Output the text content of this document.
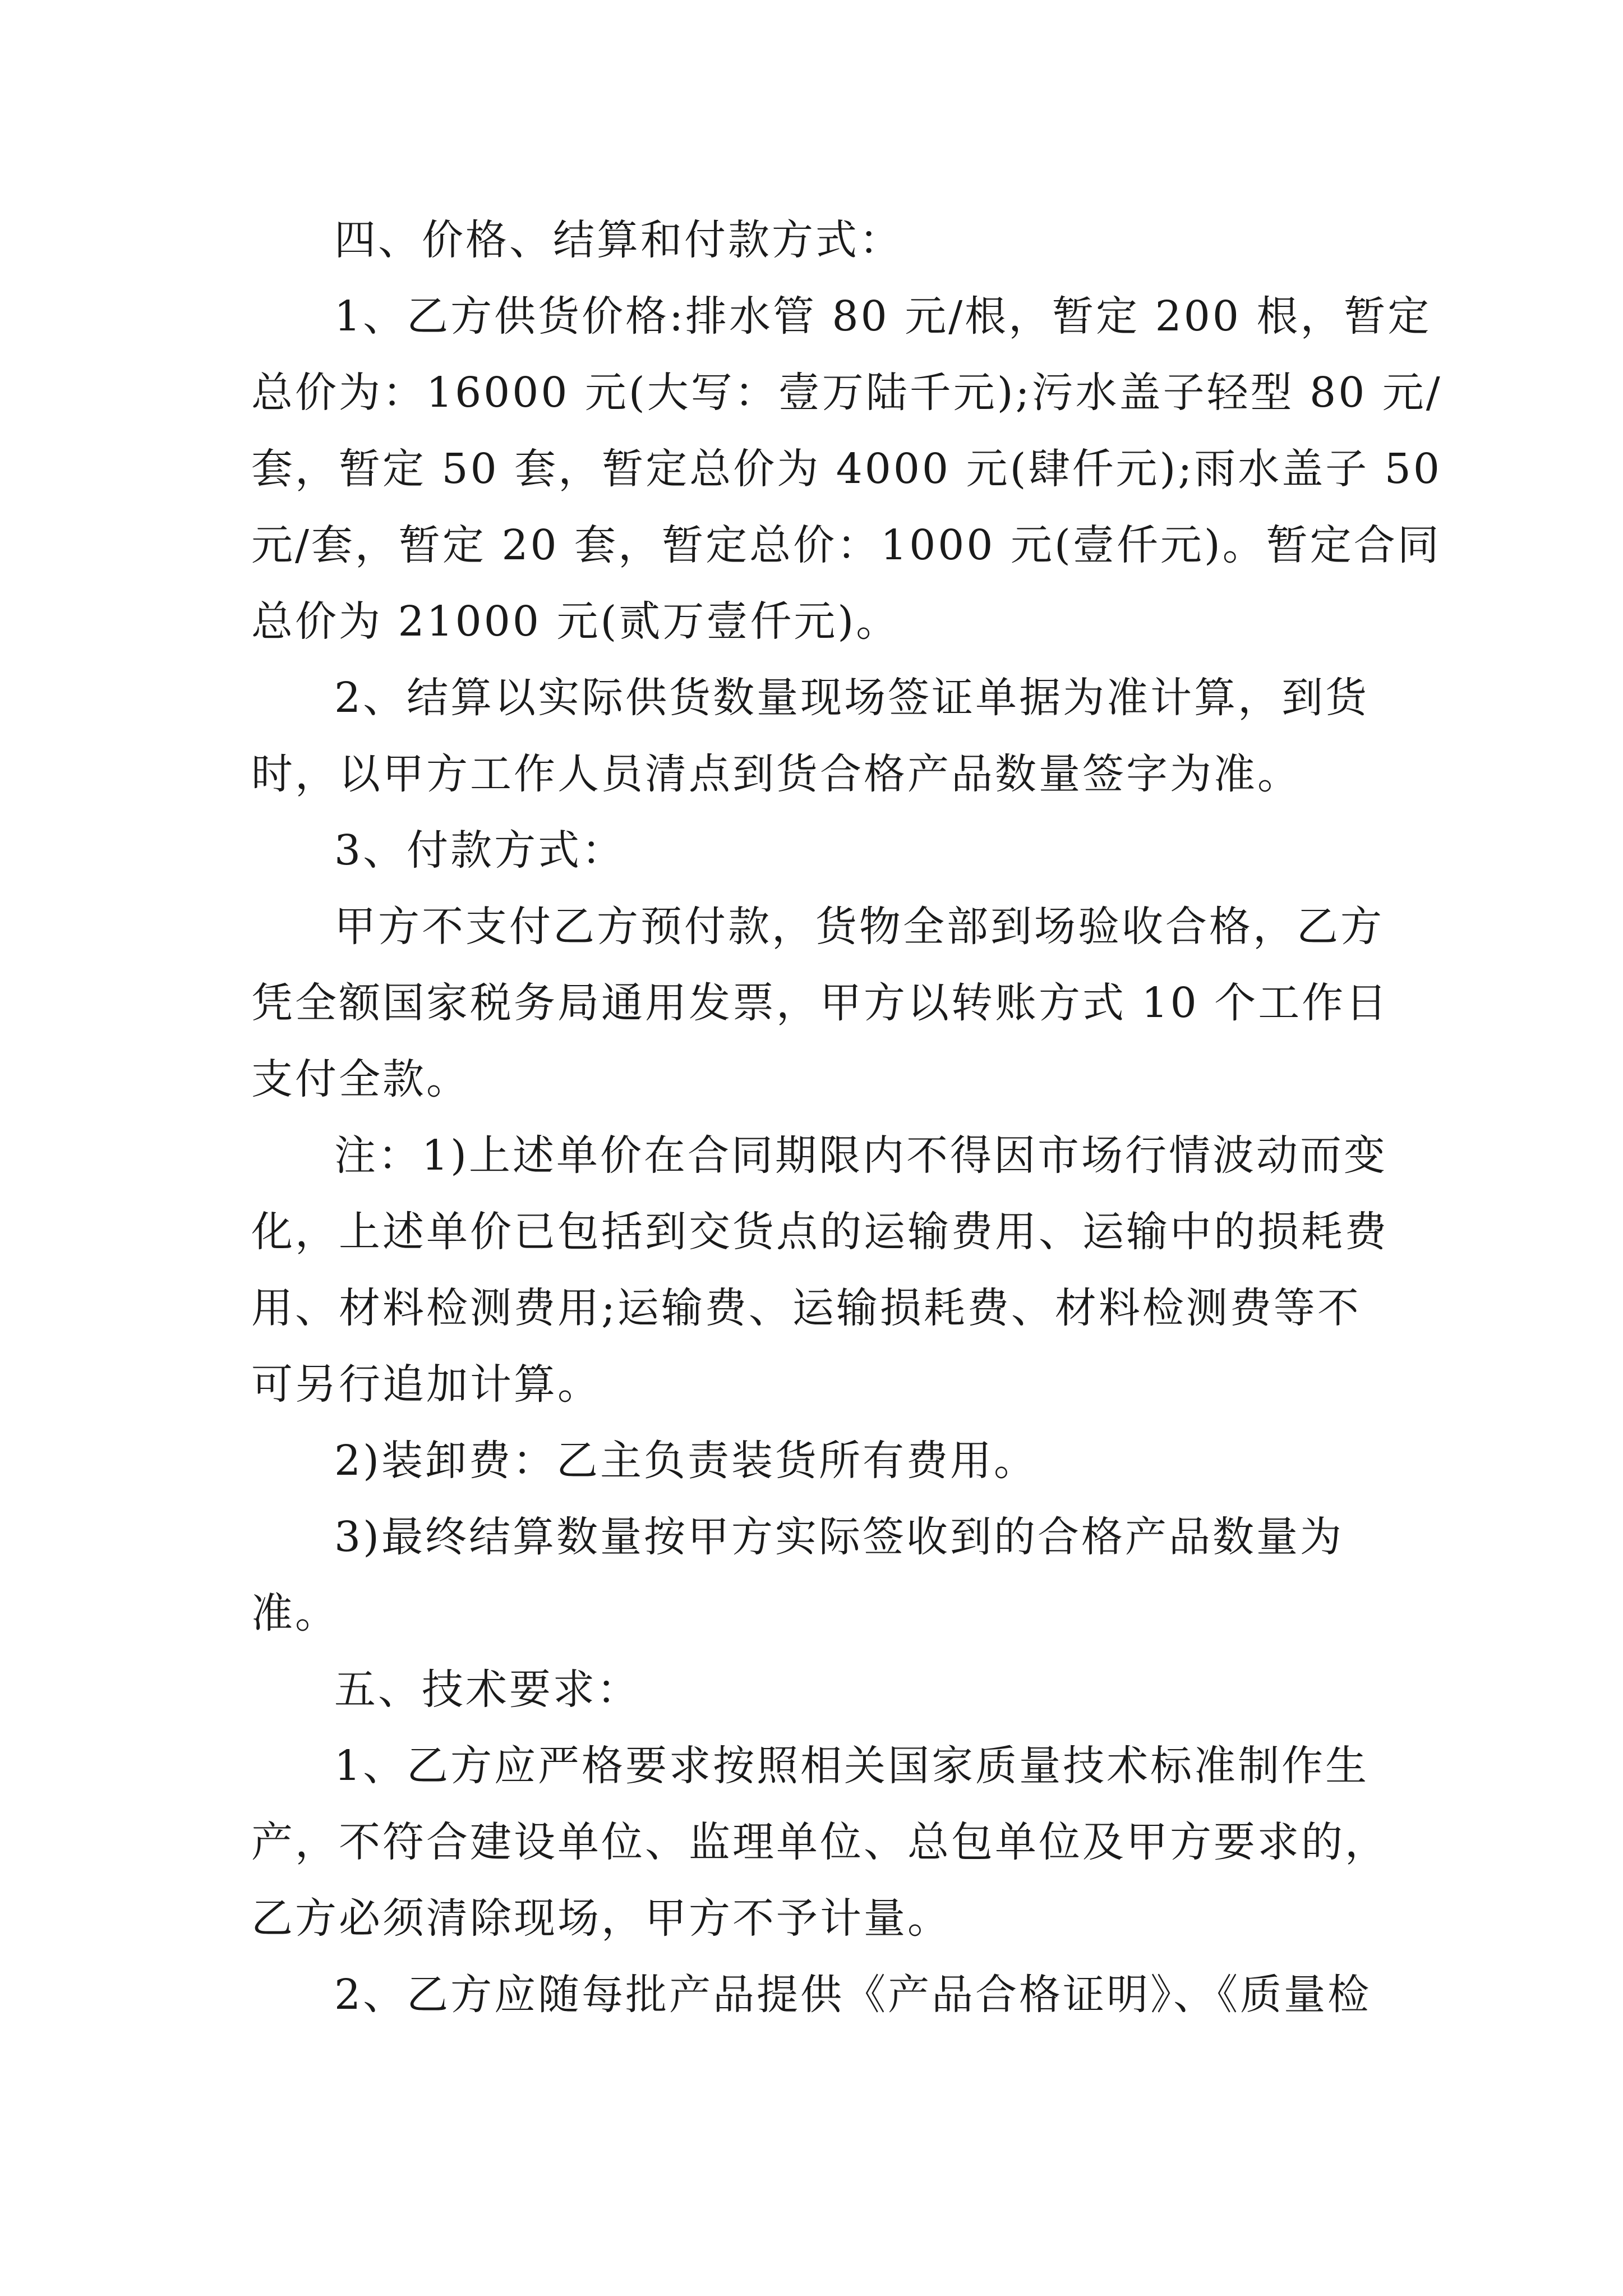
四、价格、结算和付款方式：
1、乙方供货价格:排水管 80 元/根，暂定 200 根，暂定
总价为：16000 元(大写：壹万陆千元);污水盖子轻型 80 元/
套，暂定 50 套，暂定总价为 4000 元(肆仟元);雨水盖子 50
元/套，暂定 20 套，暂定总价：1000 元(壹仟元)。暂定合同
总价为 21000 元(贰万壹仟元)。
2、结算以实际供货数量现场签证单据为准计算，到货
时，以甲方工作人员清点到货合格产品数量签字为准。
3、付款方式：
甲方不支付乙方预付款，货物全部到场验收合格，乙方
凭全额国家税务局通用发票，甲方以转账方式 10 个工作日
支付全款。
注：1)上述单价在合同期限内不得因市场行情波动而变
化，上述单价已包括到交货点的运输费用、运输中的损耗费
用、材料检测费用;运输费、运输损耗费、材料检测费等不
可另行追加计算。
2)装卸费：乙主负责装货所有费用。
3)最终结算数量按甲方实际签收到的合格产品数量为
准。
五、技术要求：
1、乙方应严格要求按照相关国家质量技术标准制作生
产，不符合建设单位、监理单位、总包单位及甲方要求的，
乙方必须清除现场，甲方不予计量。
2、乙方应随每批产品提供《产品合格证明》、《质量检
